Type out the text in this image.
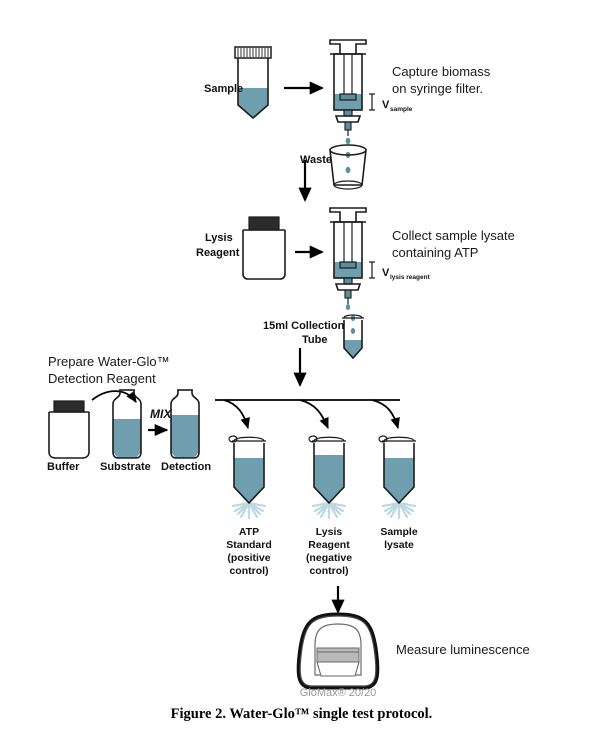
V sample
Sample
Waste
Capture biomass
on syringe filter.
V lysis reagent
Lysis
Reagent
Collect sample lysate
containing ATP
15ml Collection
Tube
MIX
Prepare Water-Glo™
Detection Reagent
Buffer Substrate Detection
ATP
Standard
(positive
control)
Lysis
Reagent
(negative
control)
Sample
lysate
GloMax® 20/20
Measure luminescence
Figure 2. Water-Glo™ single test protocol.
